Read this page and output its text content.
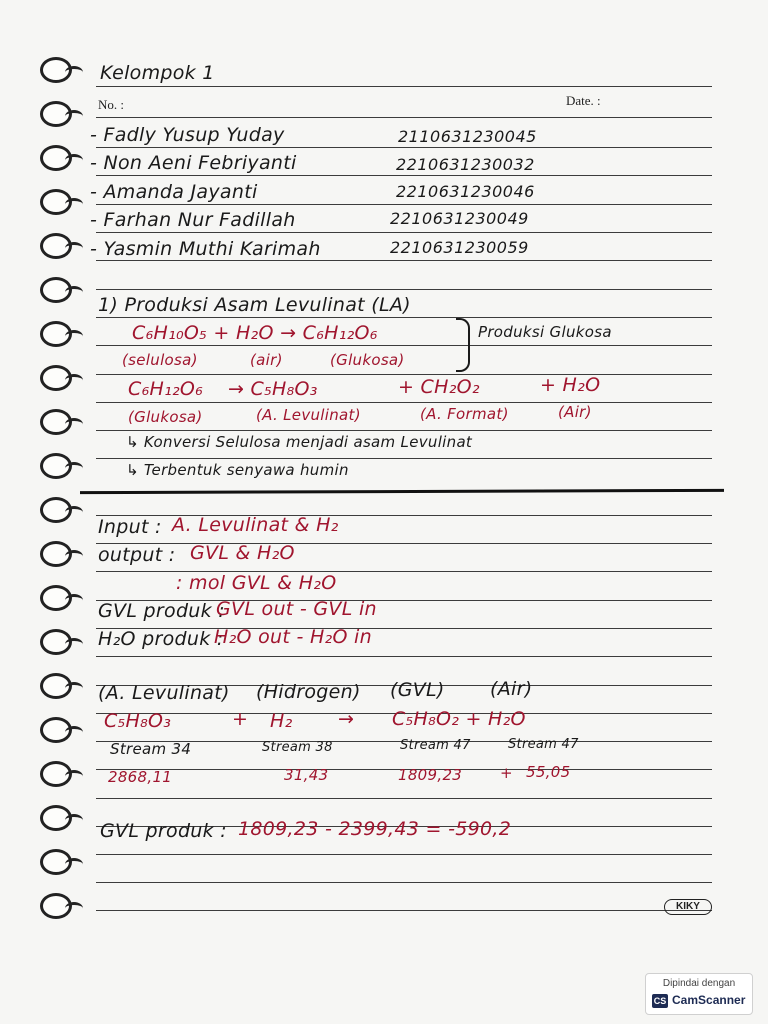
Kelompok 1
No. :	Date. :
- Fadly Yusup Yuday	2110631230045
- Non Aeni Febriyanti	2210631230032
- Amanda Jayanti	2210631230046
- Farhan Nur Fadillah	2210631230049
- Yasmin Muthi Karimah	2210631230059
1) Produksi Asam Levulinat (LA)
C₆H₁₀O₅ + H₂O → C₆H₁₂O₆	Produksi Glukosa
(selulosa)	(air)	(Glukosa)
C₆H₁₂O₆ → C₅H₈O₃	+ CH₂O₂	+ H₂O
(Glukosa)	(A. Levulinat)	(A. Format)	(Air)
↳ Konversi Selulosa menjadi asam Levulinat
↳ Terbentuk senyawa humin
Input : A. Levulinat & H₂
output : GVL & H₂O
: mol GVL & H₂O
GVL produk :
GVL out - GVL in
H₂O produk :
H₂O out - H₂O in
(A. Levulinat) (Hidrogen) (GVL) (Air)
C₅H₈O₃	+ H₂ → C₅H₈O₂ + H₂O
Stream 34	Stream 38	Stream 47	Stream 47
2868,11	31,43	1809,23	+ 55,05
GVL produk : 1809,23 - 2399,43 = -590,2
KIKY
Dipindai dengan
CS CamScanner
